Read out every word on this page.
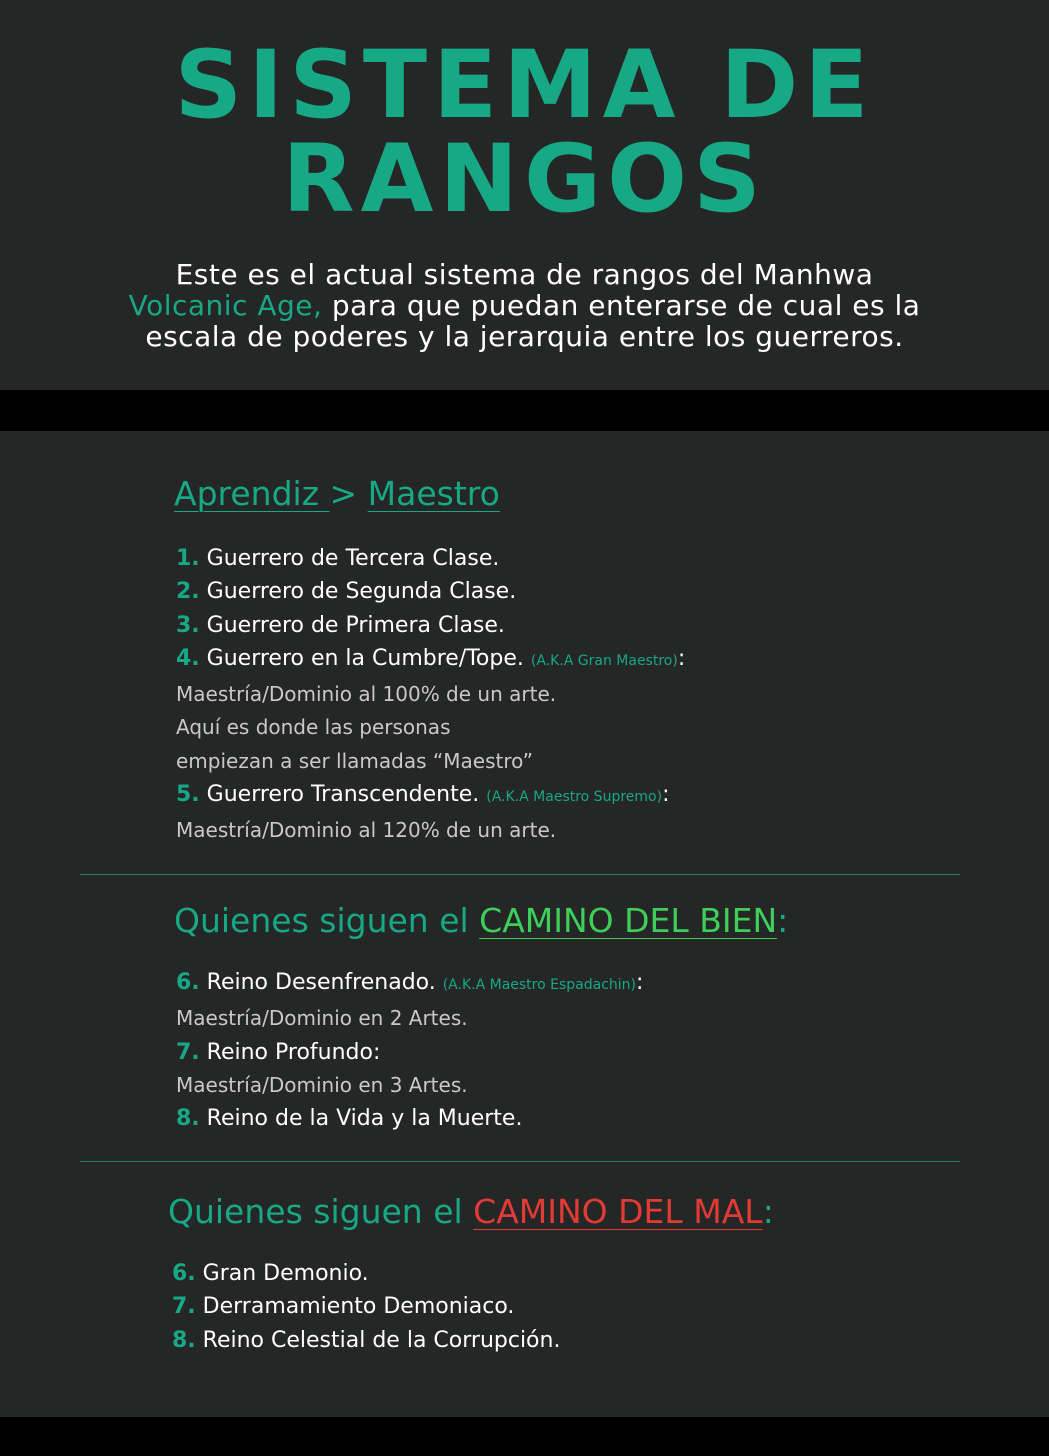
SISTEMA DE
RANGOS
Este es el actual sistema de rangos del Manhwa
Volcanic Age, para que puedan enterarse de cual es la
escala de poderes y la jerarquia entre los guerreros.
Aprendiz > Maestro
1. Guerrero de Tercera Clase.
2. Guerrero de Segunda Clase.
3. Guerrero de Primera Clase.
4. Guerrero en la Cumbre/Tope. (A.K.A Gran Maestro):
Maestría/Dominio al 100% de un arte.
Aquí es donde las personas
empiezan a ser llamadas “Maestro”
5. Guerrero Transcendente. (A.K.A Maestro Supremo):
Maestría/Dominio al 120% de un arte.
Quienes siguen el CAMINO DEL BIEN:
6. Reino Desenfrenado. (A.K.A Maestro Espadachin):
Maestría/Dominio en 2 Artes.
7. Reino Profundo:
Maestría/Dominio en 3 Artes.
8. Reino de la Vida y la Muerte.
Quienes siguen el CAMINO DEL MAL:
6. Gran Demonio.
7. Derramamiento Demoniaco.
8. Reino Celestial de la Corrupción.
